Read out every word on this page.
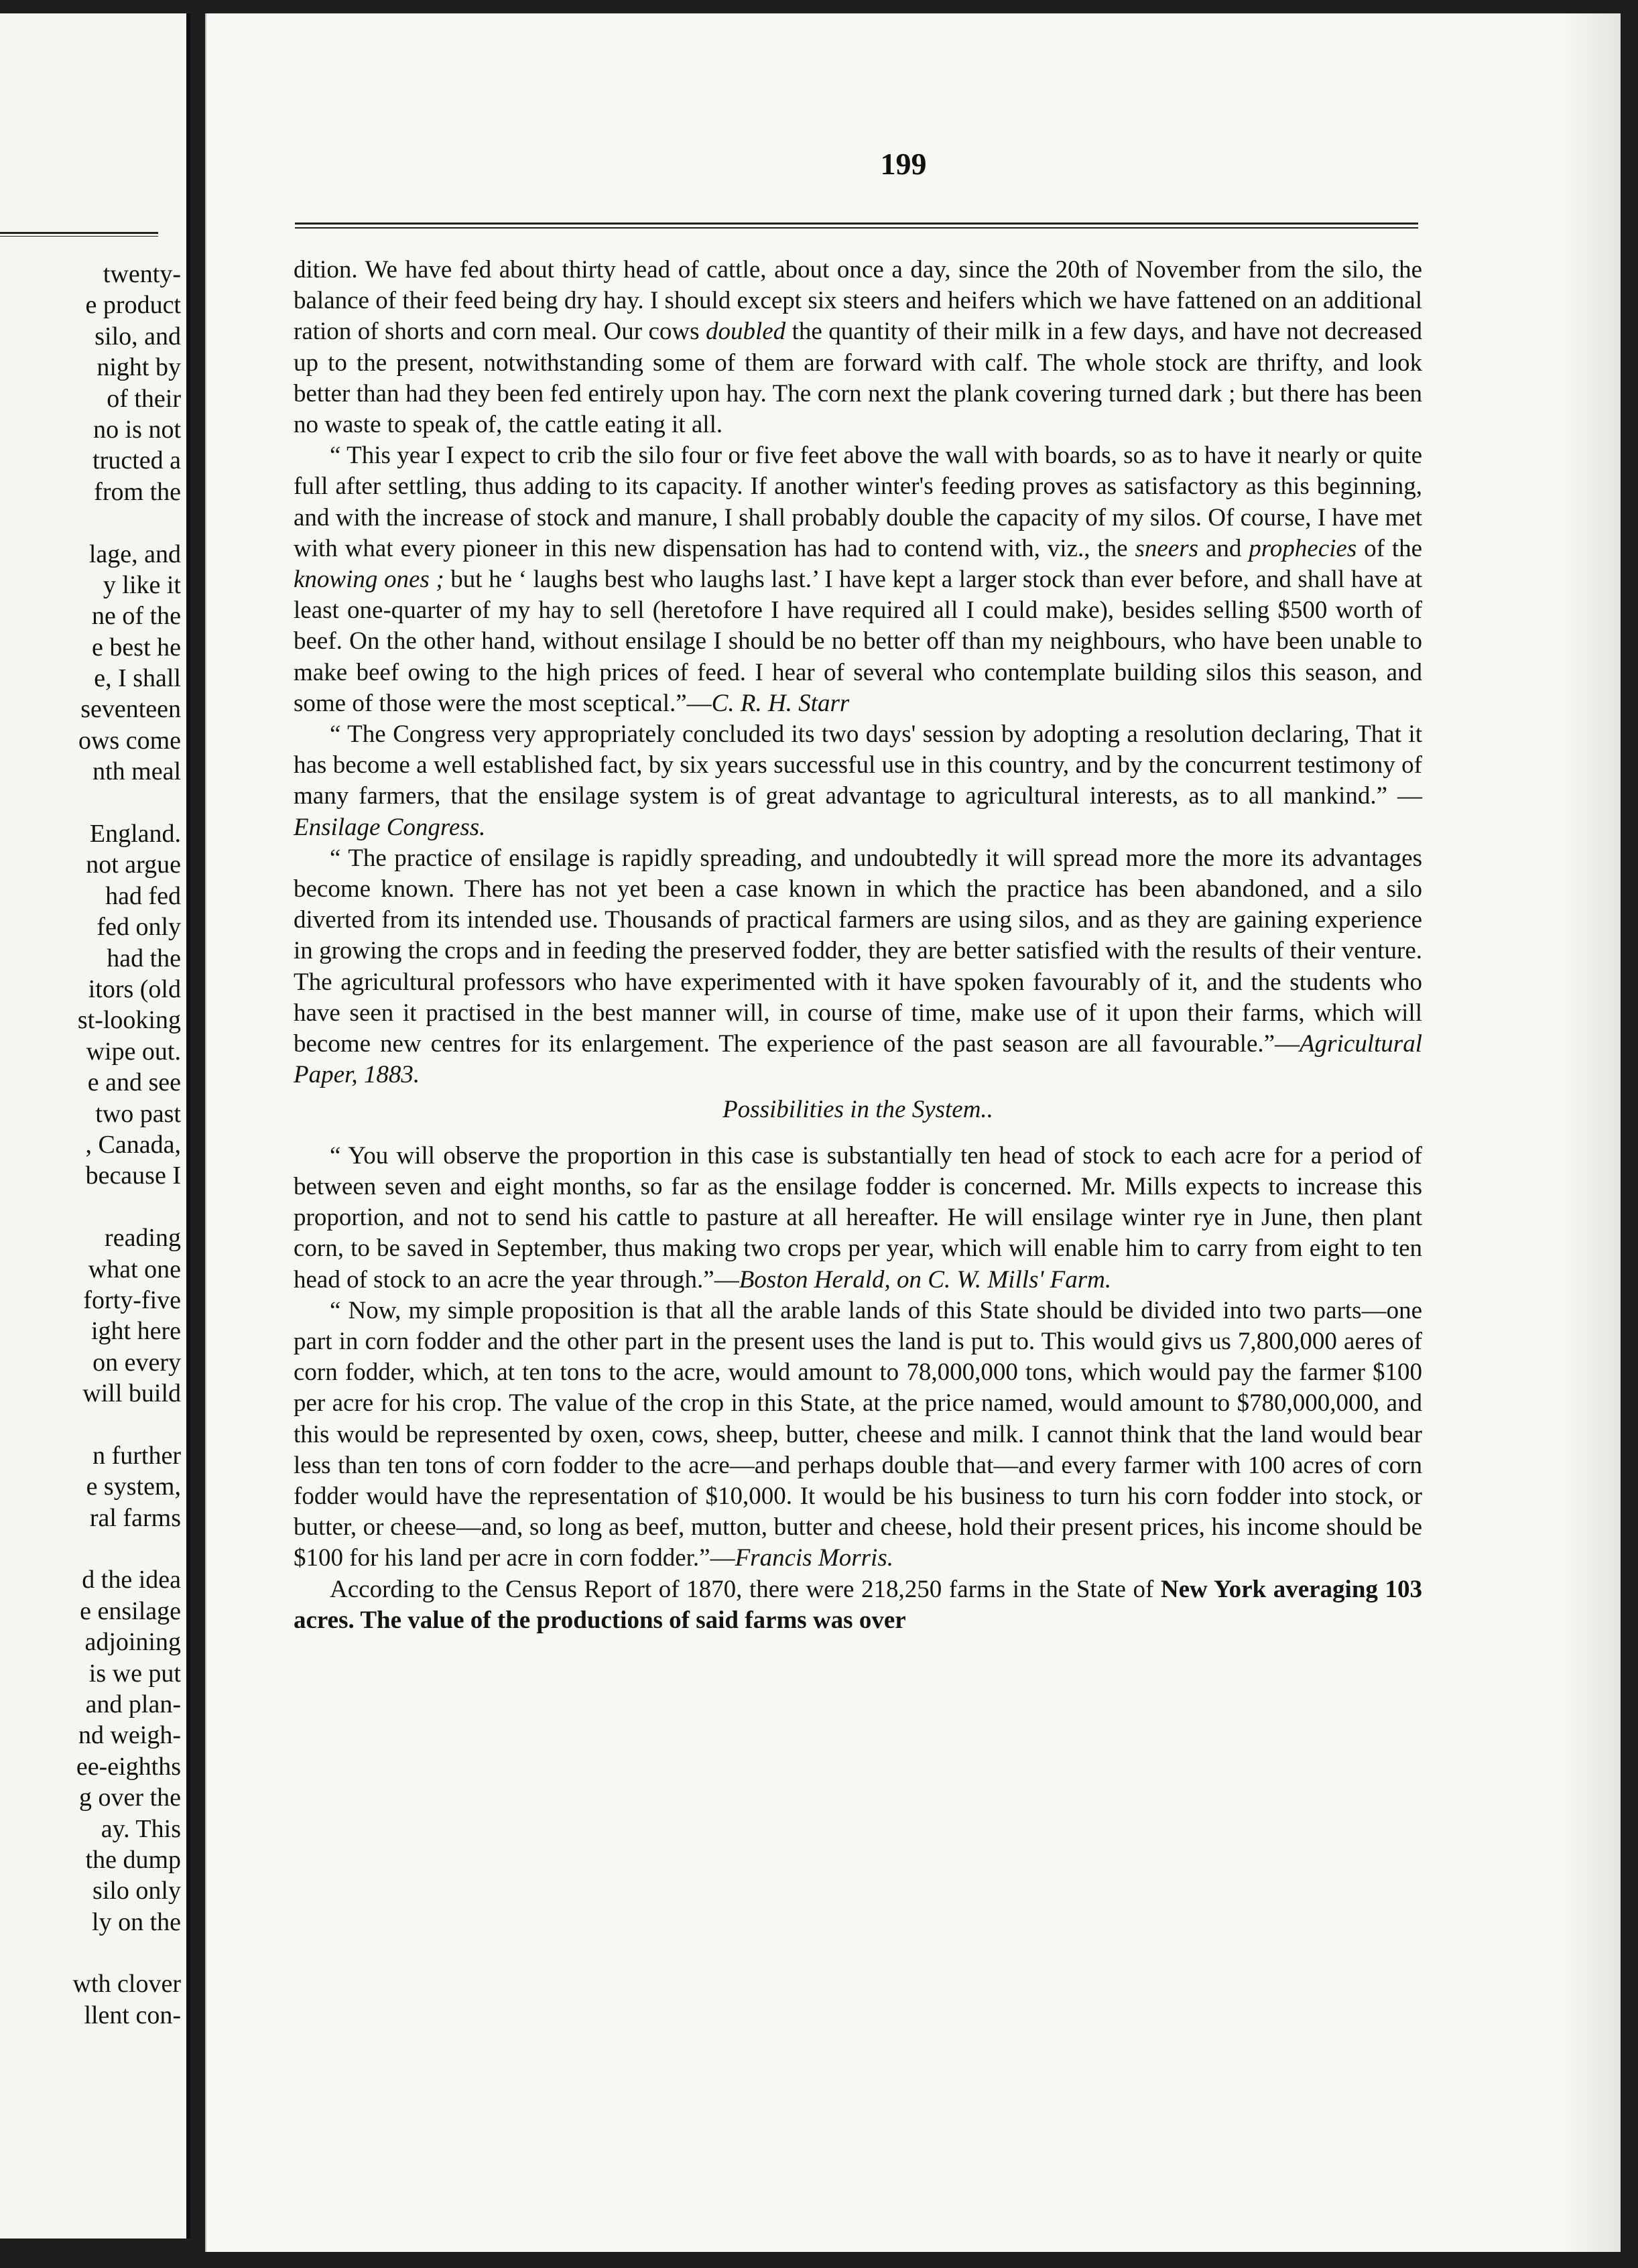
twenty-
e product
silo, and
night by
of their
no is not
tructed a
from the
lage, and
y like it
ne of the
e best he
e, I shall
seventeen
ows come
nth meal
England.
not argue
had fed
fed only
had the
itors (old
st-looking
wipe out.
e and see
two past
, Canada,
because I
reading
what one
forty-five
ight here
on every
will build
n further
e system,
ral farms
d the idea
e ensilage
adjoining
is we put
and plan-
nd weigh-
ee-eighths
g over the
ay. This
the dump
silo only
ly on the
wth clover
llent con-
199

dition. We have fed about thirty head of cattle, about once a day, since the 20th of November from the silo, the balance of their feed being dry hay. I should except six steers and heifers which we have fattened on an additional ration of shorts and corn meal. Our cows doubled the quantity of their milk in a few days, and have not decreased up to the present, notwithstanding some of them are forward with calf. The whole stock are thrifty, and look better than had they been fed entirely upon hay. The corn next the plank covering turned dark ; but there has been no waste to speak of, the cattle eating it all.

“ This year I expect to crib the silo four or five feet above the wall with boards, so as to have it nearly or quite full after settling, thus adding to its capacity. If another winter's feeding proves as satisfactory as this beginning, and with the increase of stock and manure, I shall probably double the capacity of my silos. Of course, I have met with what every pioneer in this new dispensation has had to contend with, viz., the sneers and prophecies of the knowing ones ; but he ‘ laughs best who laughs last.’ I have kept a larger stock than ever before, and shall have at least one-quarter of my hay to sell (heretofore I have required all I could make), besides selling $500 worth of beef. On the other hand, without ensilage I should be no better off than my neighbours, who have been unable to make beef owing to the high prices of feed. I hear of several who contemplate building silos this season, and some of those were the most sceptical.”—C. R. H. Starr

“ The Congress very appropriately concluded its two days' session by adopting a resolution declaring, That it has become a well established fact, by six years successful use in this country, and by the concurrent testimony of many farmers, that the ensilage system is of great advantage to agricultural interests, as to all mankind.” — Ensilage Congress.

“ The practice of ensilage is rapidly spreading, and undoubtedly it will spread more the more its advantages become known. There has not yet been a case known in which the practice has been abandoned, and a silo diverted from its intended use. Thousands of practical farmers are using silos, and as they are gaining experience in growing the crops and in feeding the preserved fodder, they are better satisfied with the results of their venture. The agricultural professors who have experimented with it have spoken favourably of it, and the students who have seen it practised in the best manner will, in course of time, make use of it upon their farms, which will become new centres for its enlargement. The experience of the past season are all favourable.”—Agricultural Paper, 1883.

Possibilities in the System..

“ You will observe the proportion in this case is substantially ten head of stock to each acre for a period of between seven and eight months, so far as the ensilage fodder is concerned. Mr. Mills expects to increase this proportion, and not to send his cattle to pasture at all hereafter. He will ensilage winter rye in June, then plant corn, to be saved in September, thus making two crops per year, which will enable him to carry from eight to ten head of stock to an acre the year through.”—Boston Herald, on C. W. Mills' Farm.

“ Now, my simple proposition is that all the arable lands of this State should be divided into two parts—one part in corn fodder and the other part in the present uses the land is put to. This would givs us 7,800,000 aeres of corn fodder, which, at ten tons to the acre, would amount to 78,000,000 tons, which would pay the farmer $100 per acre for his crop. The value of the crop in this State, at the price named, would amount to $780,000,000, and this would be represented by oxen, cows, sheep, butter, cheese and milk. I cannot think that the land would bear less than ten tons of corn fodder to the acre—and perhaps double that—and every farmer with 100 acres of corn fodder would have the representation of $10,000. It would be his business to turn his corn fodder into stock, or butter, or cheese—and, so long as beef, mutton, butter and cheese, hold their present prices, his income should be $100 for his land per acre in corn fodder.”—Francis Morris.

According to the Census Report of 1870, there were 218,250 farms in the State of New York averaging 103 acres. The value of the productions of said farms was over
